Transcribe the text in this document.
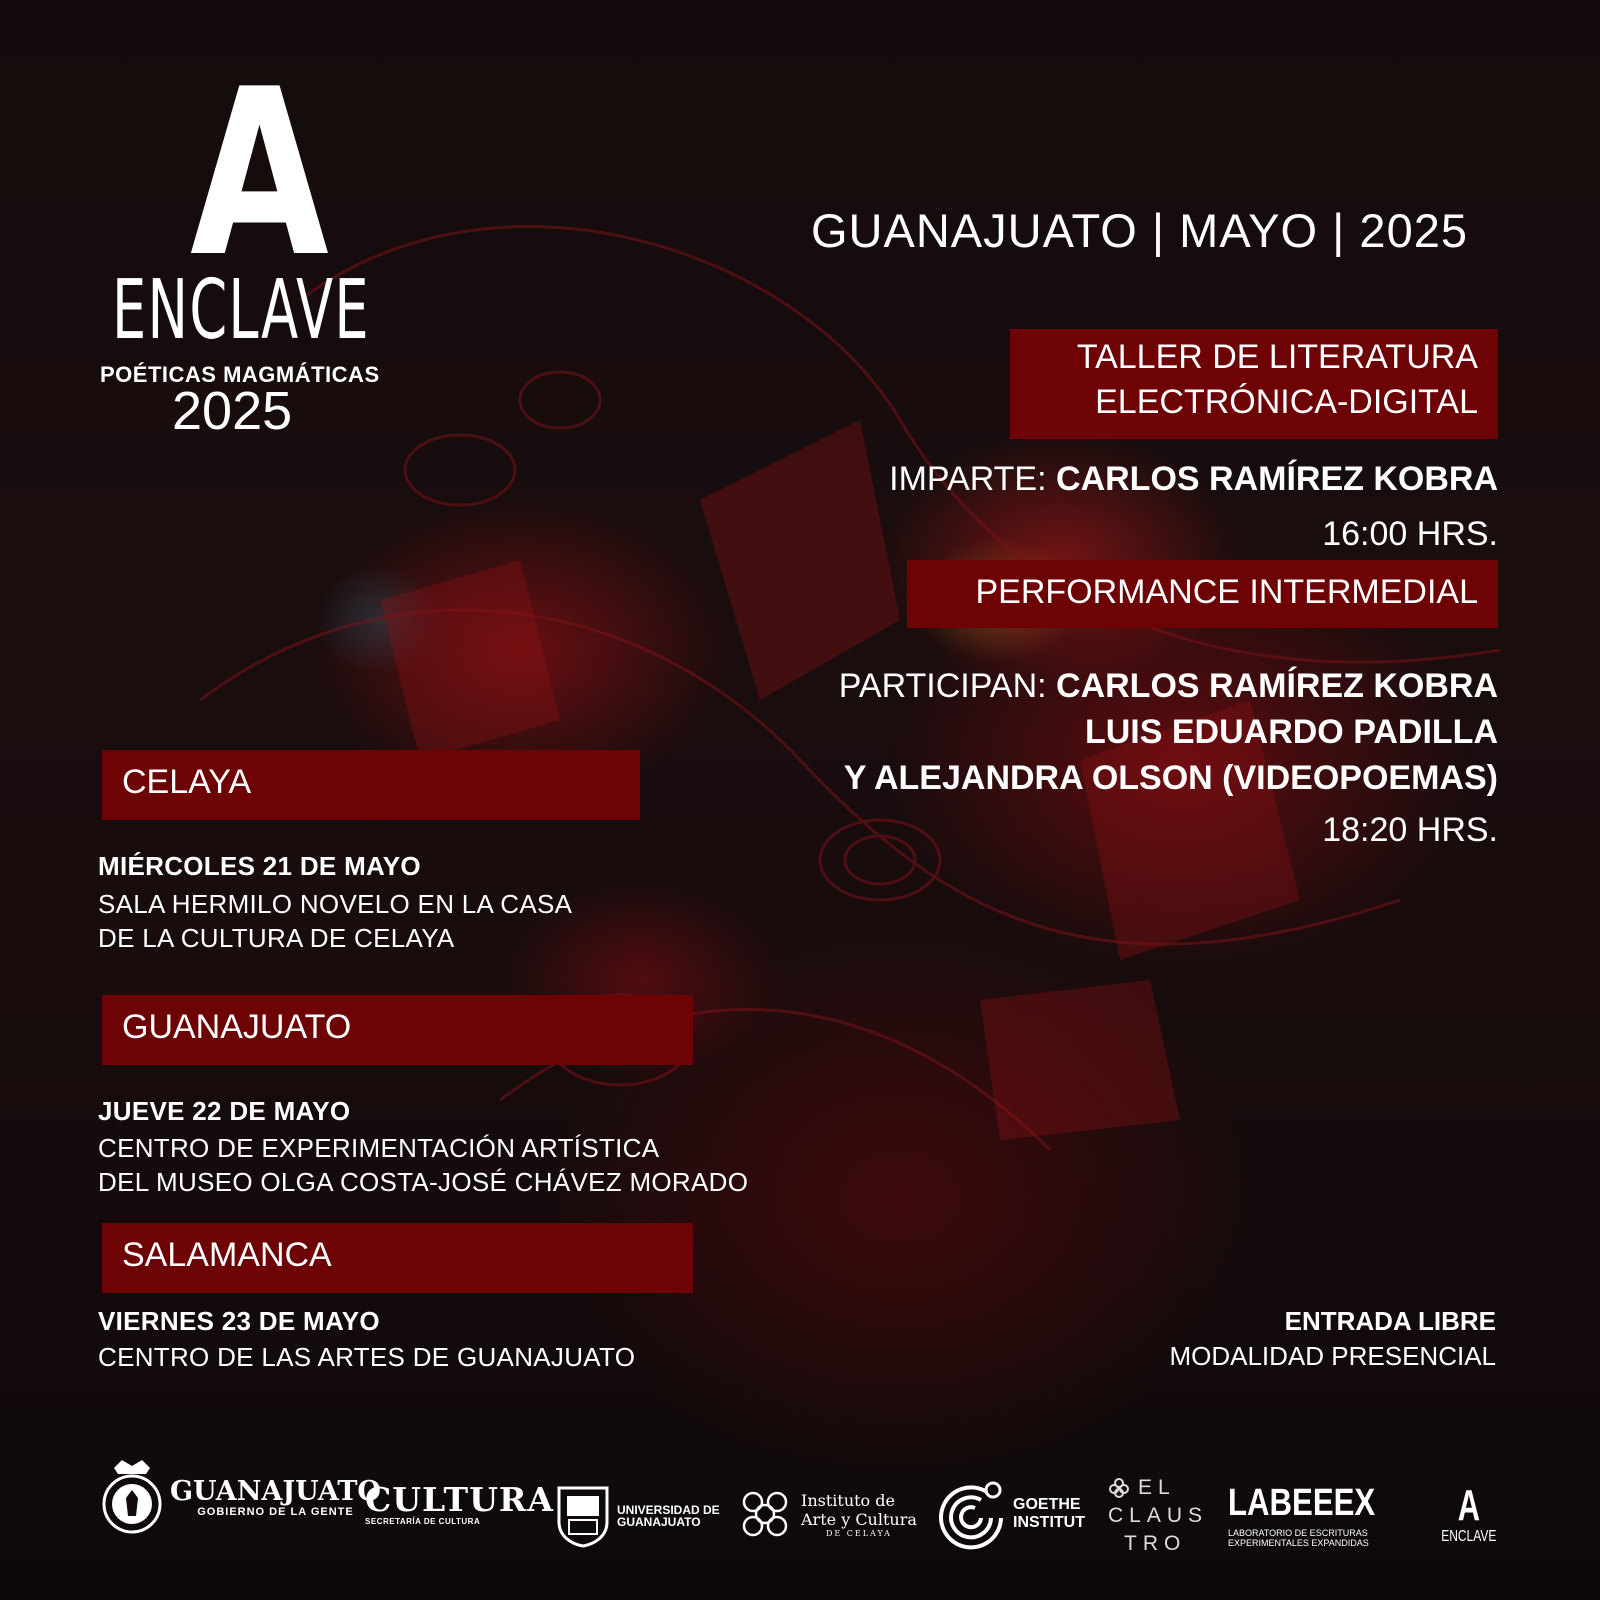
A
ENCLAVE
POÉTICAS MAGMÁTICAS
2025
GUANAJUATO | MAYO | 2025
TALLER DE LITERATURA
ELECTRÓNICA-DIGITAL
IMPARTE: CARLOS RAMÍREZ KOBRA
16:00 HRS.
PERFORMANCE INTERMEDIAL
PARTICIPAN: CARLOS RAMÍREZ KOBRA
LUIS EDUARDO PADILLA
Y ALEJANDRA OLSON (VIDEOPOEMAS)
18:20 HRS.
CELAYA
MIÉRCOLES 21 DE MAYO
SALA HERMILO NOVELO EN LA CASA
DE LA CULTURA DE CELAYA
GUANAJUATO
JUEVE 22 DE MAYO
CENTRO DE EXPERIMENTACIÓN ARTÍSTICA
DEL MUSEO OLGA COSTA-JOSÉ CHÁVEZ MORADO
SALAMANCA
VIERNES 23 DE MAYO
CENTRO DE LAS ARTES DE GUANAJUATO
ENTRADA LIBRE
MODALIDAD PRESENCIAL
GUANAJUATO
GOBIERNO DE LA GENTE CULTURA
SECRETARÍA DE CULTURA
UNIVERSIDAD DE
GUANAJUATO
Instituto de
Arte y Cultura
DE CELAYA
GOETHE
INSTITUT
EL
CLAUS
TRO
LABEEEX
LABORATORIO DE ESCRITURAS
EXPERIMENTALES EXPANDIDAS
A
ENCLAVE
